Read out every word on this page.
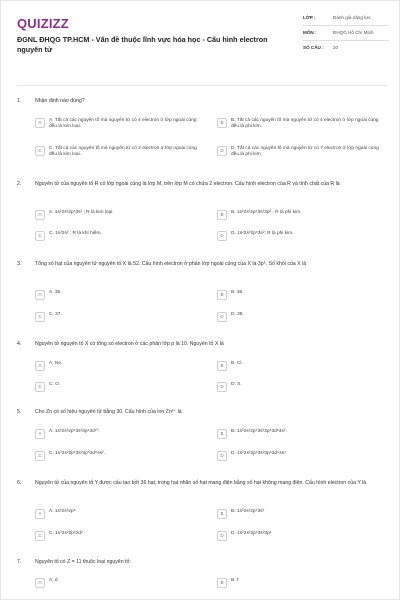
QUIZIZZ
ĐGNL ĐHQG TP.HCM - Vấn đề thuộc lĩnh vực hóa học - Cấu hình electron nguyên tử
LỚP :	Đánh giá năng lực
MÔN :	ĐHQG Hồ Chí Minh
SỐ CÂU :	20
1.	Nhận định nào đúng?
A	A. Tất cả các nguyên tố mà nguyên tử có 4 electron ở lớp ngoài cùng đều là kim loại.
B	B. Tất cả các nguyên tố mà nguyên tử có 4 electron ở lớp ngoài cùng đều là phi kim.
C	C. Tất cả các nguyên tố mà nguyên tử có 2 electron ở lớp ngoài cùng đều là kim loại.
D	D. Tất cả các nguyên tố mà nguyên tử có 7 electron ở lớp ngoài cùng đều là phi kim.
2.	Nguyên tử của nguyên tố R có lớp ngoài cùng là lớp M, trên lớp M có chứa 2 electron. Cấu hình electron của R và tính chất của R là
A	A. 1s²2s²2p⁶3s² ; R là kim loại.	B	B. 1s²2s²2p⁶3s²3p² ; R là phi kim.
C	C. 1s²2s² ; R là khí hiếm.	D	D. 1s²2s²2p⁶3s²; R là phi kim.
3.	Tổng số hạt của nguyên tử nguyên tố X là 52. Cấu hình electron ở phân lớp ngoài cùng của X là 3p⁵. Số khối của X là
A	A. 35.	B	B. 36.
C	C. 37.	D	D. 38.
4.	Nguyên tử nguyên tố X có tổng số electron ở các phân lớp p là 10. Nguyên tố X là
A	A. Ne.	B	B. Cl.
C	C. O.	D	D. S.
5.	Cho Zn có số hiệu nguyên tử bằng 30. Cấu hình của ion Zn²⁺ là
A	A. 1s²2s²2p⁶3s²3p⁶3d¹⁰.	B	B. 1s²2s²2p⁶3s²3p⁶3d⁸4s².
C	C. 1s²2s²2p⁶3s²3p⁶3d⁸4s².	D	D. 1s²2s²2p⁶3s²3p⁶3d⁹4s¹
6.	Nguyên tử của nguyên tố Y được cấu tạo bởi 36 hạt, trong hạt nhân số hạt mang điện bằng số hạt không mang điện. Cấu hình electron của Y là
A	A. 1s²2s²2p⁶	B	B. 1s²2s²2p⁶3s²
C	C. 1s²2s²2p⁶2d²	D	D. 1s²2s²2p⁶3s²3p¹
7.	Nguyên tố có Z = 11 thuộc loại nguyên tố:
A	A. d	B	B. f
